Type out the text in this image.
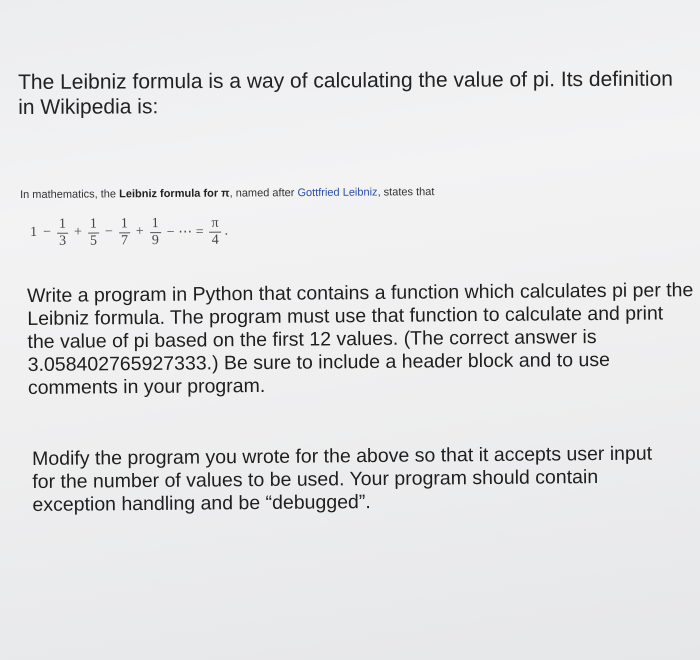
The Leibniz formula is a way of calculating the value of pi. Its definition in Wikipedia is:

In mathematics, the Leibniz formula for π, named after Gottfried Leibniz, states that
$1 - \frac{1}{3} + \frac{1}{5} - \frac{1}{7} + \frac{1}{9}$ − ⋯ = $\frac{\pi}{4}$ .

Write a program in Python that contains a function which calculates pi per the Leibniz formula. The program must use that function to calculate and print the value of pi based on the first 12 values. (The correct answer is 3.058402765927333.) Be sure to include a header block and to use comments in your program.

Modify the program you wrote for the above so that it accepts user input for the number of values to be used. Your program should contain exception handling and be “debugged”.
